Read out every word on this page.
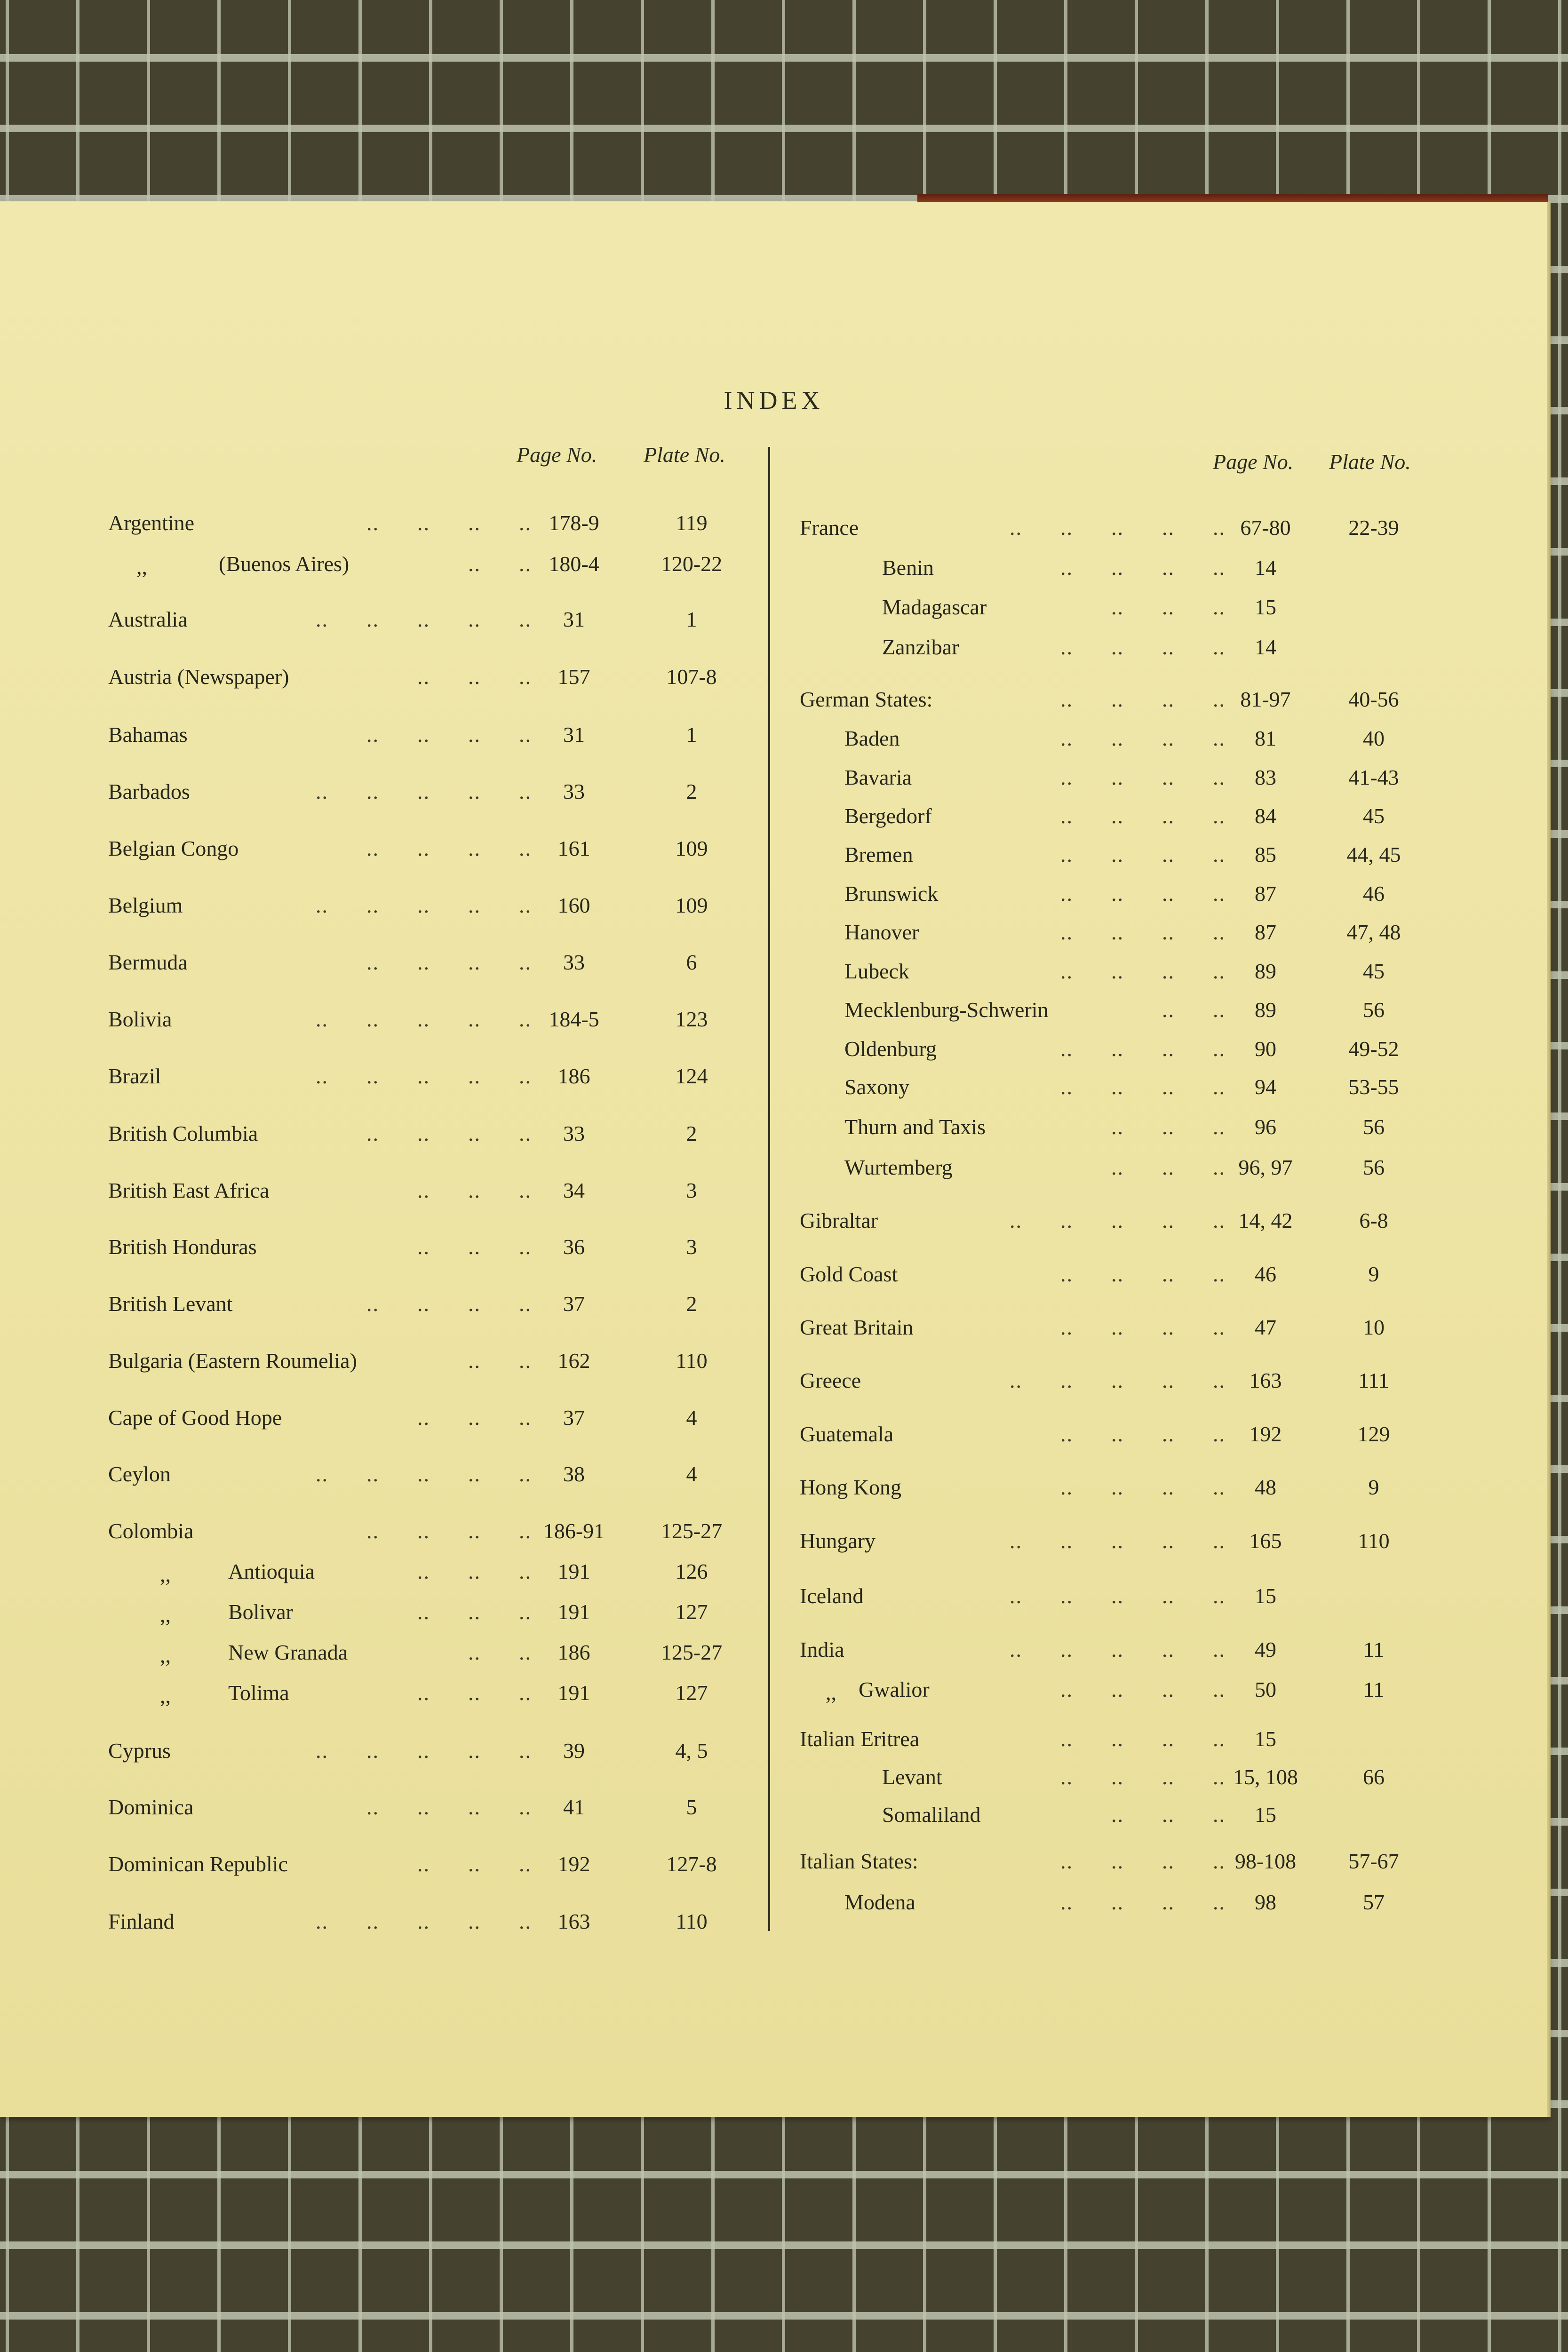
INDEX
Page No. Plate No.	Page No. Plate No.
Argentine	..      ..      ..      .. 178-9	119
,,	(Buenos Aires)	..      .. 180-4	120-22
Australia	..      ..      ..      ..      ..	31	1
Austria (Newspaper)	..      ..      ..	157	107-8
Bahamas	..      ..      ..      ..	31	1
Barbados	..      ..      ..      ..      ..	33	2
Belgian Congo	..      ..      ..      ..	161	109
Belgium	..      ..      ..      ..      ..	160	109
Bermuda	..      ..      ..      ..	33	6
Bolivia	..      ..      ..      ..      .. 184-5	123
Brazil	..      ..      ..      ..      ..	186	124
British Columbia	..      ..      ..      ..	33	2
British East Africa	..      ..      ..	34	3
British Honduras	..      ..      ..	36	3
British Levant	..      ..      ..      ..	37	2
Bulgaria (Eastern Roumelia)	..      ..	162	110
Cape of Good Hope	..      ..      ..	37	4
Ceylon	..      ..      ..      ..      ..	38	4
Colombia	..      ..      ..      .. 186-91	125-27
,,	Antioquia	..      ..      ..	191	126
,,	Bolivar	..      ..      ..	191	127
,,	New Granada	..      ..	186	125-27
,,	Tolima	..      ..      ..	191	127
Cyprus	..      ..      ..      ..      ..	39	4, 5
Dominica	..      ..      ..      ..	41	5
Dominican Republic	..      ..      ..	192	127-8
Finland	..      ..      ..      ..      ..	163	110
France	..      ..      ..      ..      .. 67-80	22-39
Benin	..      ..      ..      ..	14
Madagascar	..      ..      ..	15
Zanzibar	..      ..      ..      ..	14
German States:	..      ..      ..      .. 81-97	40-56
Baden	..      ..      ..      ..	81	40
Bavaria	..      ..      ..      ..	83	41-43
Bergedorf	..      ..      ..      ..	84	45
Bremen	..      ..      ..      ..	85	44, 45
Brunswick	..      ..      ..      ..	87	46
Hanover	..      ..      ..      ..	87	47, 48
Lubeck	..      ..      ..      ..	89	45
Mecklenburg-Schwerin	..      ..	89	56
Oldenburg	..      ..      ..      ..	90	49-52
Saxony	..      ..      ..      ..	94	53-55
Thurn and Taxis	..      ..      ..	96	56
Wurtemberg	..      ..      .. 96, 97	56
Gibraltar	..      ..      ..      ..      .. 14, 42	6-8
Gold Coast	..      ..      ..      ..	46	9
Great Britain	..      ..      ..      ..	47	10
Greece	..      ..      ..      ..      ..	163	111
Guatemala	..      ..      ..      ..	192	129
Hong Kong	..      ..      ..      ..	48	9
Hungary	..      ..      ..      ..      ..	165	110
Iceland	..      ..      ..      ..      ..	15
India	..      ..      ..      ..      ..	49	11
,, Gwalior	..      ..      ..      ..	50	11
Italian Eritrea	..      ..      ..      ..	15
Levant	..      ..      ..      .. 15, 108	66
Somaliland	..      ..      ..	15
Italian States:	..      ..      ..      .. 98-108	57-67
Modena	..      ..      ..      ..	98	57
